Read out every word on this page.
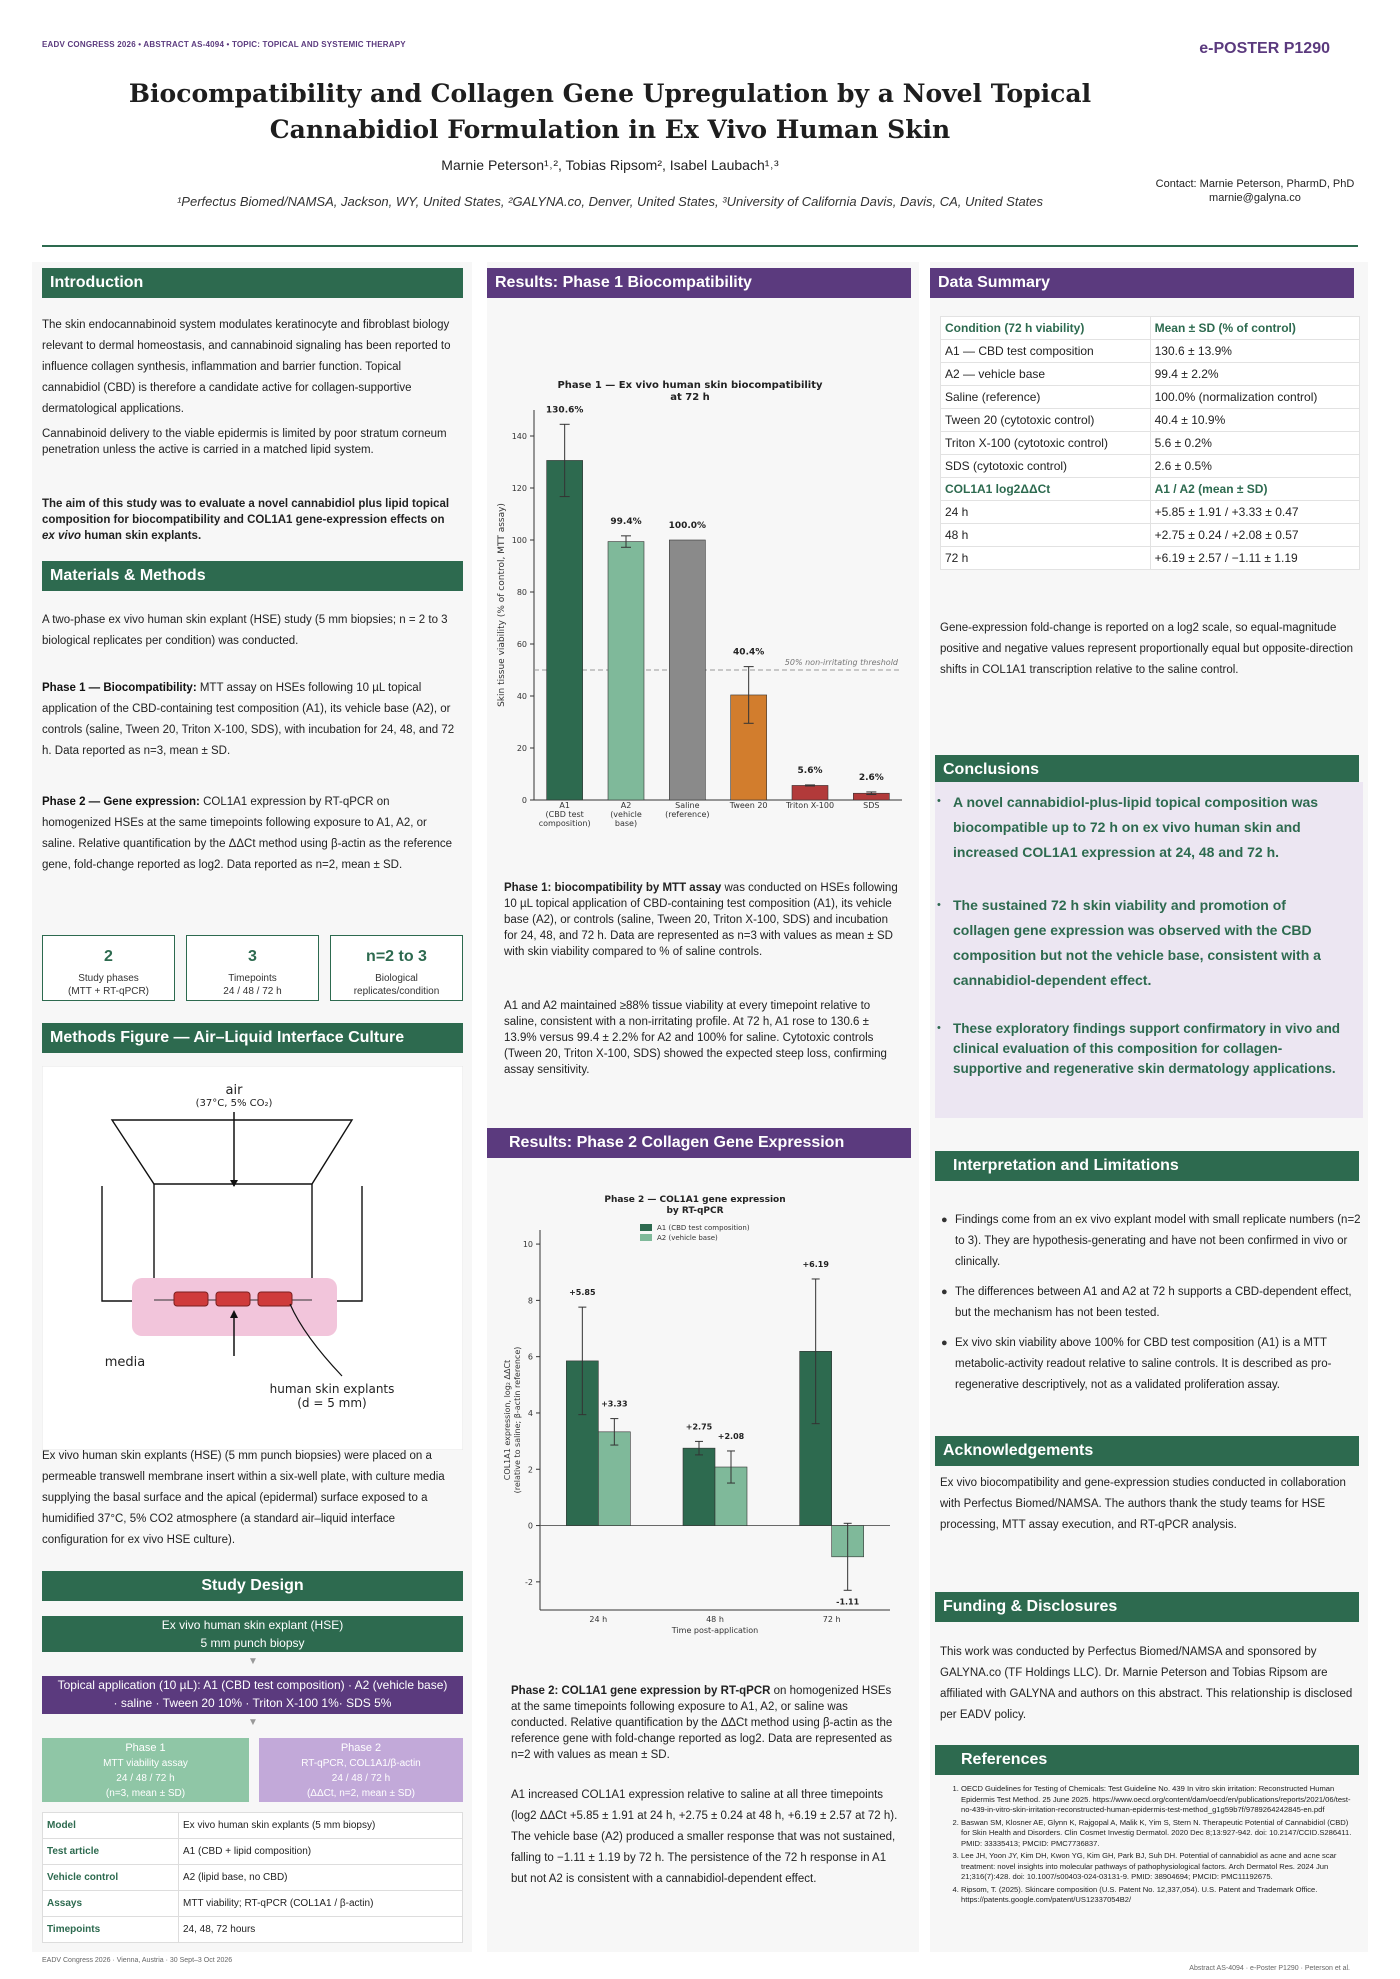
EADV CONGRESS 2026 • ABSTRACT AS-4094 • TOPIC: TOPICAL AND SYSTEMIC THERAPY	e-POSTER P1290
Biocompatibility and Collagen Gene Upregulation by a Novel Topical Cannabidiol Formulation in Ex Vivo Human Skin
Marnie Peterson¹˒², Tobias Ripsom², Isabel Laubach¹˒³
¹Perfectus Biomed/NAMSA, Jackson, WY, United States, ²GALYNA.co, Denver, United States, ³University of California Davis, Davis, CA, United States
Contact: Marnie Peterson, PharmD, PhD
marnie@galyna.co
Introduction
The skin endocannabinoid system modulates keratinocyte and fibroblast biology relevant to dermal homeostasis, and cannabinoid signaling has been reported to influence collagen synthesis, inflammation and barrier function. Topical cannabidiol (CBD) is therefore a candidate active for collagen-supportive dermatological applications.
Cannabinoid delivery to the viable epidermis is limited by poor stratum corneum penetration unless the active is carried in a matched lipid system.
The aim of this study was to evaluate a novel cannabidiol plus lipid topical composition for biocompatibility and COL1A1 gene-expression effects on ex vivo human skin explants.
Materials & Methods
A two-phase ex vivo human skin explant (HSE) study (5 mm biopsies; n = 2 to 3 biological replicates per condition) was conducted.
Phase 1 — Biocompatibility: MTT assay on HSEs following 10 µL topical application of the CBD-containing test composition (A1), its vehicle base (A2), or controls (saline, Tween 20, Triton X-100, SDS), with incubation for 24, 48, and 72 h. Data reported as n=3, mean ± SD.
Phase 2 — Gene expression: COL1A1 expression by RT-qPCR on homogenized HSEs at the same timepoints following exposure to A1, A2, or saline. Relative quantification by the ΔΔCt method using β-actin as the reference gene, fold-change reported as log2. Data reported as n=2, mean ± SD.
2
Study phases
(MTT + RT-qPCR)
3
Timepoints
24 / 48 / 72 h
n=2 to 3
Biological
replicates/condition
Methods Figure — Air–Liquid Interface Culture
air
(37°C, 5% CO₂)
media
human skin explants
(d = 5 mm)
Ex vivo human skin explants (HSE) (5 mm punch biopsies) were placed on a permeable transwell membrane insert within a six-well plate, with culture media supplying the basal surface and the apical (epidermal) surface exposed to a humidified 37°C, 5% CO2 atmosphere (a standard air–liquid interface configuration for ex vivo HSE culture).
Study Design
Ex vivo human skin explant (HSE)
5 mm punch biopsy
▼
Topical application (10 µL): A1 (CBD test composition) · A2 (vehicle base)
· saline · Tween 20 10% · Triton X-100 1%· SDS 5%
▼
Phase 1
MTT viability assay
24 / 48 / 72 h
(n=3, mean ± SD)
Phase 2
RT-qPCR, COL1A1/β-actin
24 / 48 / 72 h
(ΔΔCt, n=2, mean ± SD)
Model	Ex vivo human skin explants (5 mm biopsy)
Test article	A1 (CBD + lipid composition)
Vehicle control	A2 (lipid base, no CBD)
Assays	MTT viability; RT-qPCR (COL1A1 / β-actin)
Timepoints	24, 48, 72 hours
Results: Phase 1 Biocompatibility
Phase 1 — Ex vivo human skin biocompatibility
at 72 h
0
20
40
60
80
100
120
140
Skin tissue viability (% of control, MTT assay)	50% non-irritating threshold
130.6%
A1
(CBD test
composition)
99.4%
A2
(vehicle
base)
100.0%
Saline
(reference)
40.4%
Tween 20
5.6%
Triton X-100
2.6%
SDS
Phase 1: biocompatibility by MTT assay was conducted on HSEs following 10 µL topical application of CBD-containing test composition (A1), its vehicle base (A2), or controls (saline, Tween 20, Triton X-100, SDS) and incubation for 24, 48, and 72 h. Data are represented as n=3 with values as mean ± SD with skin viability compared to % of saline controls.
A1 and A2 maintained ≥88% tissue viability at every timepoint relative to saline, consistent with a non-irritating profile. At 72 h, A1 rose to 130.6 ± 13.9% versus 99.4 ± 2.2% for A2 and 100% for saline. Cytotoxic controls (Tween 20, Triton X-100, SDS) showed the expected steep loss, confirming assay sensitivity.
Results: Phase 2 Collagen Gene Expression
Phase 2 — COL1A1 gene expression
by RT-qPCR
A1 (CBD test composition)
A2 (vehicle base)
-2
0
2
4
6
8
10
COL1A1 expression, log₂ ΔΔCt (relative to saline; β-actin reference)
+5.85
+3.33
24 h
+2.75
+2.08
48 h
+6.19
-1.11
72 h
Time post-application
Phase 2: COL1A1 gene expression by RT-qPCR on homogenized HSEs at the same timepoints following exposure to A1, A2, or saline was conducted. Relative quantification by the ΔΔCt method using β-actin as the reference gene with fold-change reported as log2. Data are represented as n=2 with values as mean ± SD.
A1 increased COL1A1 expression relative to saline at all three timepoints (log2 ΔΔCt +5.85 ± 1.91 at 24 h, +2.75 ± 0.24 at 48 h, +6.19 ± 2.57 at 72 h). The vehicle base (A2) produced a smaller response that was not sustained, falling to −1.11 ± 1.19 by 72 h. The persistence of the 72 h response in A1 but not A2 is consistent with a cannabidiol-dependent effect.
Data Summary
Condition (72 h viability)	Mean ± SD (% of control)
A1 — CBD test composition	130.6 ± 13.9%
A2 — vehicle base	99.4 ± 2.2%
Saline (reference)	100.0% (normalization control)
Tween 20 (cytotoxic control)	40.4 ± 10.9%
Triton X-100 (cytotoxic control)	5.6 ± 0.2%
SDS (cytotoxic control)	2.6 ± 0.5%
COL1A1 log2ΔΔCt	A1 / A2 (mean ± SD)
24 h	+5.85 ± 1.91 / +3.33 ± 0.47
48 h	+2.75 ± 0.24 / +2.08 ± 0.57
72 h	+6.19 ± 2.57 / −1.11 ± 1.19
Gene-expression fold-change is reported on a log2 scale, so equal-magnitude positive and negative values represent proportionally equal but opposite-direction shifts in COL1A1 transcription relative to the saline control.
Conclusions
• A novel cannabidiol-plus-lipid topical composition was biocompatible up to 72 h on ex vivo human skin and increased COL1A1 expression at 24, 48 and 72 h.
• The sustained 72 h skin viability and promotion of collagen gene expression was observed with the CBD composition but not the vehicle base, consistent with a cannabidiol-dependent effect.
• These exploratory findings support confirmatory in vivo and clinical evaluation of this composition for collagen-supportive and regenerative skin dermatology applications.
Interpretation and Limitations
● Findings come from an ex vivo explant model with small replicate numbers (n=2 to 3). They are hypothesis-generating and have not been confirmed in vivo or clinically.
● The differences between A1 and A2 at 72 h supports a CBD-dependent effect, but the mechanism has not been tested.
● Ex vivo skin viability above 100% for CBD test composition (A1) is a MTT metabolic-activity readout relative to saline controls. It is described as pro-regenerative descriptively, not as a validated proliferation assay.
Acknowledgements
Ex vivo biocompatibility and gene-expression studies conducted in collaboration with Perfectus Biomed/NAMSA. The authors thank the study teams for HSE processing, MTT assay execution, and RT-qPCR analysis.
Funding & Disclosures
This work was conducted by Perfectus Biomed/NAMSA and sponsored by GALYNA.co (TF Holdings LLC). Dr. Marnie Peterson and Tobias Ripsom are affiliated with GALYNA and authors on this abstract. This relationship is disclosed per EADV policy.
References
1. OECD Guidelines for Testing of Chemicals: Test Guideline No. 439 In vitro skin irritation: Reconstructed Human Epidermis Test Method. 25 June 2025. https://www.oecd.org/content/dam/oecd/en/publications/reports/2021/06/test-no-439-in-vitro-skin-irritation-reconstructed-human-epidermis-test-method_g1g59b7f/9789264242845-en.pdf
2. Baswan SM, Klosner AE, Glynn K, Rajgopal A, Malik K, Yim S, Stern N. Therapeutic Potential of Cannabidiol (CBD) for Skin Health and Disorders. Clin Cosmet Investig Dermatol. 2020 Dec 8;13:927-942. doi: 10.2147/CCID.S286411. PMID: 33335413; PMCID: PMC7736837.
3. Lee JH, Yoon JY, Kim DH, Kwon YG, Kim GH, Park BJ, Suh DH. Potential of cannabidiol as acne and acne scar treatment: novel insights into molecular pathways of pathophysiological factors. Arch Dermatol Res. 2024 Jun 21;316(7):428. doi: 10.1007/s00403-024-03131-9. PMID: 38904694; PMCID: PMC11192675.
4. Ripsom, T. (2025). Skincare composition (U.S. Patent No. 12,337,054). U.S. Patent and Trademark Office. https://patents.google.com/patent/US12337054B2/
EADV Congress 2026 · Vienna, Austria · 30 Sept–3 Oct 2026
Abstract AS-4094 · e-Poster P1290 · Peterson et al.
